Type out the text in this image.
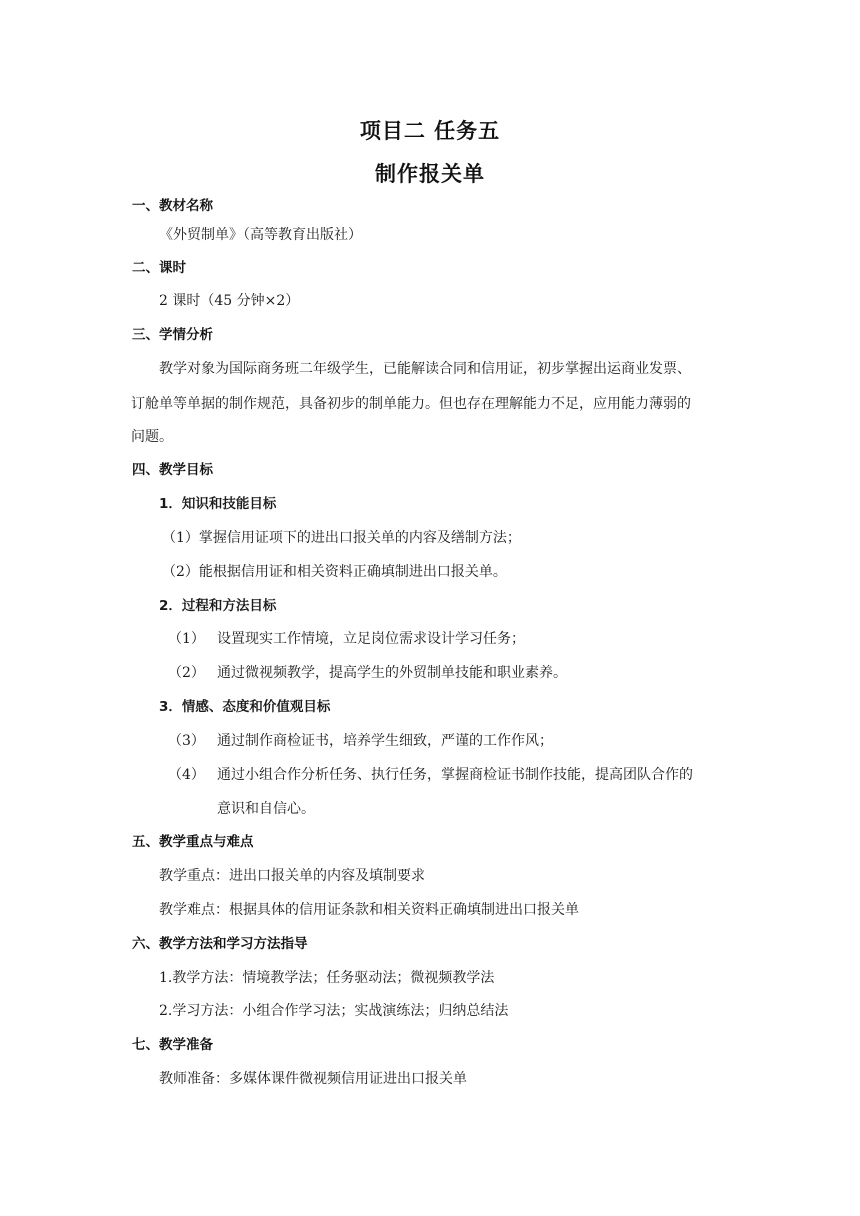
项目二 任务五
制作报关单
一、教材名称
《外贸制单》（高等教育出版社）
二、课时
2 课时（45 分钟×2）
三、学情分析
教学对象为国际商务班二年级学生，已能解读合同和信用证，初步掌握出运商业发票、
订舱单等单据的制作规范，具备初步的制单能力。但也存在理解能力不足，应用能力薄弱的
问题。
四、教学目标
1．知识和技能目标
（1）掌握信用证项下的进出口报关单的内容及缮制方法；
（2）能根据信用证和相关资料正确填制进出口报关单。
2．过程和方法目标
（1） 设置现实工作情境，立足岗位需求设计学习任务；
（2） 通过微视频教学，提高学生的外贸制单技能和职业素养。
3．情感、态度和价值观目标
（3） 通过制作商检证书，培养学生细致，严谨的工作作风；
（4） 通过小组合作分析任务、执行任务，掌握商检证书制作技能，提高团队合作的
意识和自信心。
五、教学重点与难点
教学重点：进出口报关单的内容及填制要求
教学难点：根据具体的信用证条款和相关资料正确填制进出口报关单
六、教学方法和学习方法指导
1.教学方法：情境教学法；任务驱动法；微视频教学法
2.学习方法：小组合作学习法；实战演练法；归纳总结法
七、教学准备
教师准备：多媒体课件微视频信用证进出口报关单
